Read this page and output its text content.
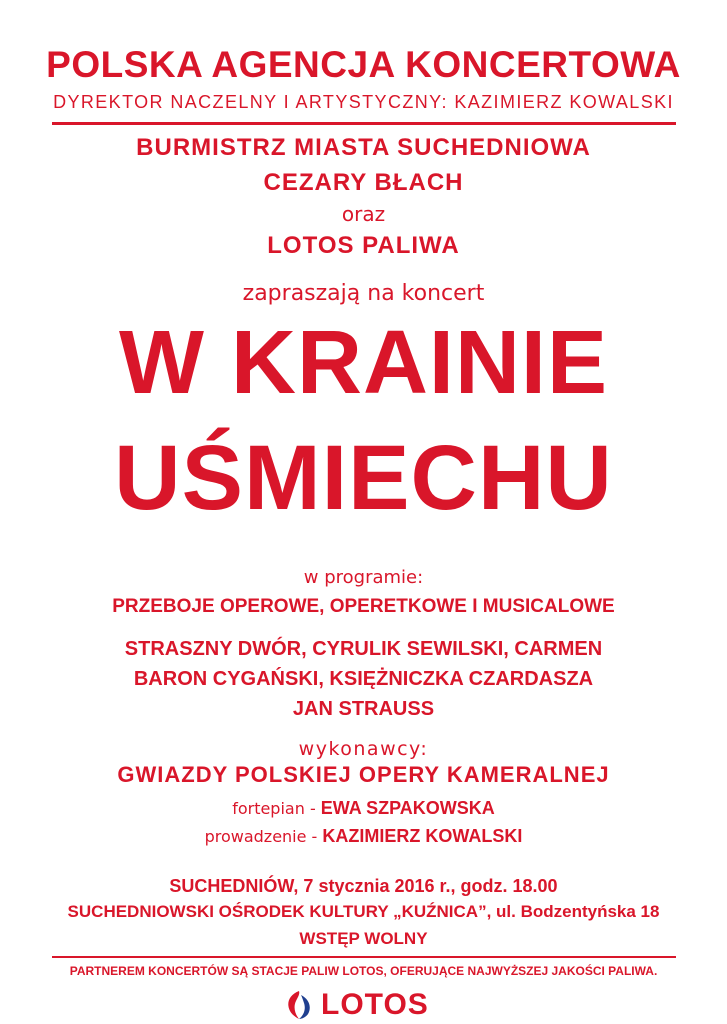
POLSKA AGENCJA KONCERTOWA
DYREKTOR NACZELNY I ARTYSTYCZNY: KAZIMIERZ KOWALSKI
BURMISTRZ MIASTA SUCHEDNIOWA
CEZARY BŁACH
oraz
LOTOS PALIWA
zapraszają na koncert
W KRAINIE
UŚMIECHU
w programie:
PRZEBOJE OPEROWE, OPERETKOWE I MUSICALOWE
STRASZNY DWÓR, CYRULIK SEWILSKI, CARMEN
BARON CYGAŃSKI, KSIĘŻNICZKA CZARDASZA
JAN STRAUSS
wykonawcy:
GWIAZDY POLSKIEJ OPERY KAMERALNEJ
fortepian - EWA SZPAKOWSKA
prowadzenie - KAZIMIERZ KOWALSKI
SUCHEDNIÓW, 7 stycznia 2016 r., godz. 18.00
SUCHEDNIOWSKI OŚRODEK KULTURY „KUŹNICA”, ul. Bodzentyńska 18
WSTĘP WOLNY
PARTNEREM KONCERTÓW SĄ STACJE PALIW LOTOS, OFERUJĄCE NAJWYŻSZEJ JAKOŚCI PALIWA.
LOTOS
